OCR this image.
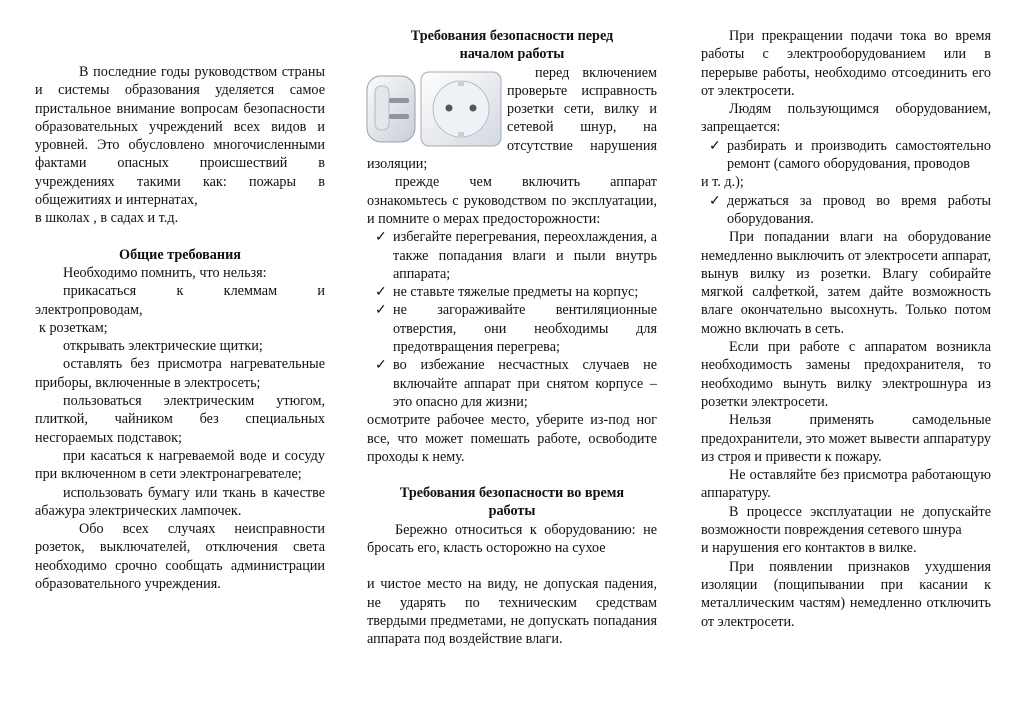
В последние годы руководством страны и системы образования уделяется самое пристальное внимание вопросам безопасности образовательных учреждений всех видов и уровней. Это обусловлено многочисленными фактами опасных происшествий в учреждениях такими как: пожары в общежитиях и интернатах,

в школах , в садах и т.д.

Общие требования

Необходимо помнить, что нельзя:

прикасаться к клеммам и электропроводам,

к розеткам;

открывать электрические щитки;

оставлять без присмотра нагревательные приборы, включенные в электросеть;

пользоваться электрическим утюгом, плиткой, чайником без специальных несгораемых подставок;

при касаться к нагреваемой воде и сосуду при включенном в сети электронагревателе;

использовать бумагу или ткань в качестве абажура электрических лампочек.

Обо всех случаях неисправности розеток, выключателей, отключения света необходимо срочно сообщать администрации образовательного учреждения.

Требования безопасности перед

началом работы

перед включением проверьте исправность розетки сети, вилку и сетевой шнур, на отсутствие нарушения изоляции;

прежде чем включить аппарат ознакомьтесь с руководством по эксплуатации, и помните о мерах предосторожности:

✓ избегайте перегревания, переохлаждения, а также попадания влаги и пыли внутрь аппарата;

✓ не ставьте тяжелые предметы на корпус;

✓ не загораживайте вентиляционные отверстия, они необходимы для предотвращения перегрева;

✓ во избежание несчастных случаев не включайте аппарат при снятом корпусе – это опасно для жизни;

осмотрите рабочее место, уберите из-под ног все, что может помешать работе, освободите проходы к нему.

Требования безопасности во время

работы

Бережно относиться к оборудованию: не бросать его, класть осторожно на сухое

и чистое место на виду, не допуская падения, не ударять по техническим средствам твердыми предметами, не допускать попадания аппарата под воздействие влаги.

При прекращении подачи тока во время работы с электрооборудованием или в перерыве работы, необходимо отсоединить его от электросети.

Людям пользующимся оборудованием, запрещается:

✓ разбирать и производить самостоятельно ремонт (самого оборудования, проводов

и т. д.);

✓ держаться за провод во время работы оборудования.

При попадании влаги на оборудование немедленно выключить от электросети аппарат, вынув вилку из розетки. Влагу собирайте мягкой салфеткой, затем дайте возможность влаге окончательно высохнуть. Только потом можно включать в сеть.

Если при работе с аппаратом возникла необходимость замены предохранителя, то необходимо вынуть вилку электрошнура из розетки электросети.

Нельзя применять самодельные предохранители, это может вывести аппаратуру из строя и привести к пожару.

Не оставляйте без присмотра работающую аппаратуру.

В процессе эксплуатации не допускайте возможности повреждения сетевого шнура

и нарушения его контактов в вилке.

При появлении признаков ухудшения изоляции (пощипывании при касании к металлическим частям) немедленно отключить от электросети.
